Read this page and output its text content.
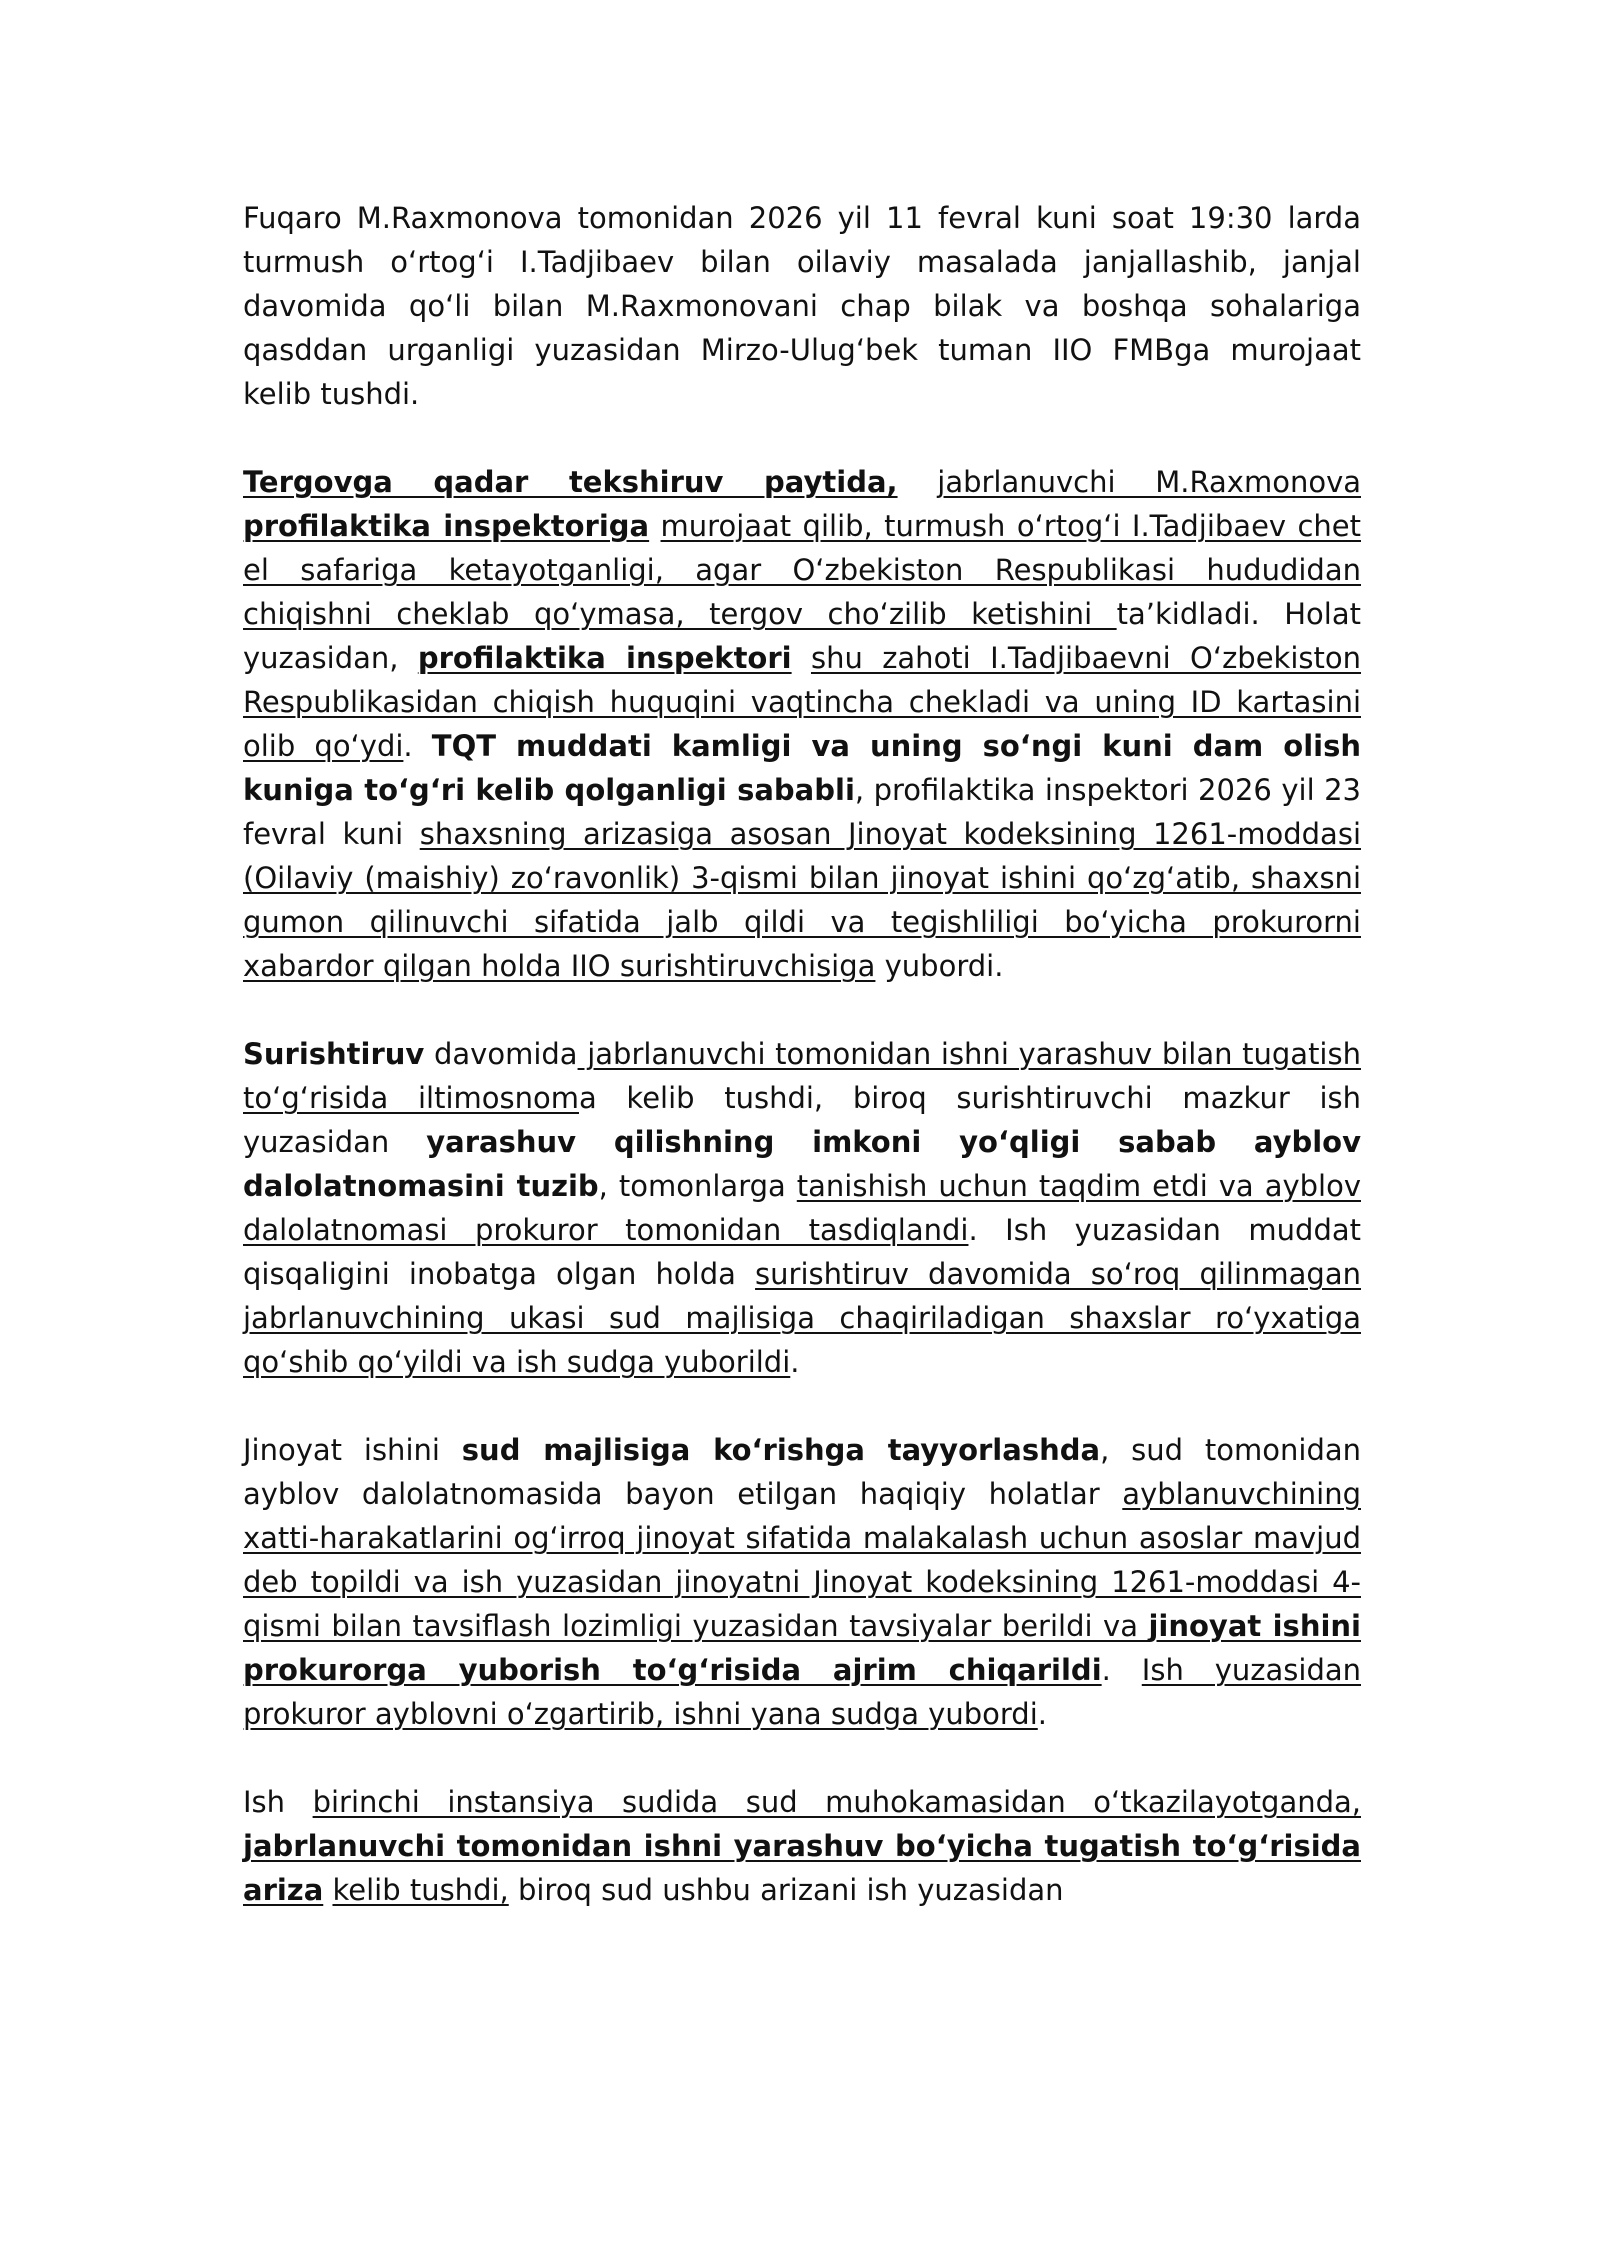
Fuqaro M.Raxmonova tomonidan 2026 yil 11 fevral kuni soat 19:30 larda turmush o‘rtog‘i I.Tadjibaev bilan oilaviy masalada janjallashib, janjal davomida qo‘li bilan M.Raxmonovani chap bilak va boshqa sohalariga qasddan urganligi yuzasidan Mirzo-Ulug‘bek tuman IIO FMBga murojaat kelib tushdi.

Tergovga qadar tekshiruv paytida, jabrlanuvchi M.Raxmonova profilaktika inspektoriga murojaat qilib, turmush o‘rtog‘i I.Tadjibaev chet el safariga ketayotganligi, agar O‘zbekiston Respublikasi hududidan chiqishni cheklab qo‘ymasa, tergov cho‘zilib ketishini ta’kidladi. Holat yuzasidan, profilaktika inspektori shu zahoti I.Tadjibaevni O‘zbekiston Respublikasidan chiqish huquqini vaqtincha chekladi va uning ID kartasini olib qo‘ydi. TQT muddati kamligi va uning so‘ngi kuni dam olish kuniga to‘g‘ri kelib qolganligi sababli, profilaktika inspektori 2026 yil 23 fevral kuni shaxsning arizasiga asosan Jinoyat kodeksining 1261-moddasi (Oilaviy (maishiy) zo‘ravonlik) 3-qismi bilan jinoyat ishini qo‘zg‘atib, shaxsni gumon qilinuvchi sifatida jalb qildi va tegishliligi bo‘yicha prokurorni xabardor qilgan holda IIO surishtiruvchisiga yubordi.

Surishtiruv davomida jabrlanuvchi tomonidan ishni yarashuv bilan tugatish to‘g‘risida iltimosnoma kelib tushdi, biroq surishtiruvchi mazkur ish yuzasidan yarashuv qilishning imkoni yo‘qligi sabab ayblov dalolatnomasini tuzib, tomonlarga tanishish uchun taqdim etdi va ayblov dalolatnomasi prokuror tomonidan tasdiqlandi. Ish yuzasidan muddat qisqaligini inobatga olgan holda surishtiruv davomida so‘roq qilinmagan jabrlanuvchining ukasi sud majlisiga chaqiriladigan shaxslar ro‘yxatiga qo‘shib qo‘yildi va ish sudga yuborildi.

Jinoyat ishini sud majlisiga ko‘rishga tayyorlashda, sud tomonidan ayblov dalolatnomasida bayon etilgan haqiqiy holatlar ayblanuvchining xatti-harakatlarini og‘irroq jinoyat sifatida malakalash uchun asoslar mavjud deb topildi va ish yuzasidan jinoyatni Jinoyat kodeksining 1261-moddasi 4-qismi bilan tavsiflash lozimligi yuzasidan tavsiyalar berildi va jinoyat ishini prokurorga yuborish to‘g‘risida ajrim chiqarildi. Ish yuzasidan prokuror ayblovni o‘zgartirib, ishni yana sudga yubordi.

Ish birinchi instansiya sudida sud muhokamasidan o‘tkazilayotganda, jabrlanuvchi tomonidan ishni yarashuv bo‘yicha tugatish to‘g‘risida ariza kelib tushdi, biroq sud ushbu arizani ish yuzasidan
